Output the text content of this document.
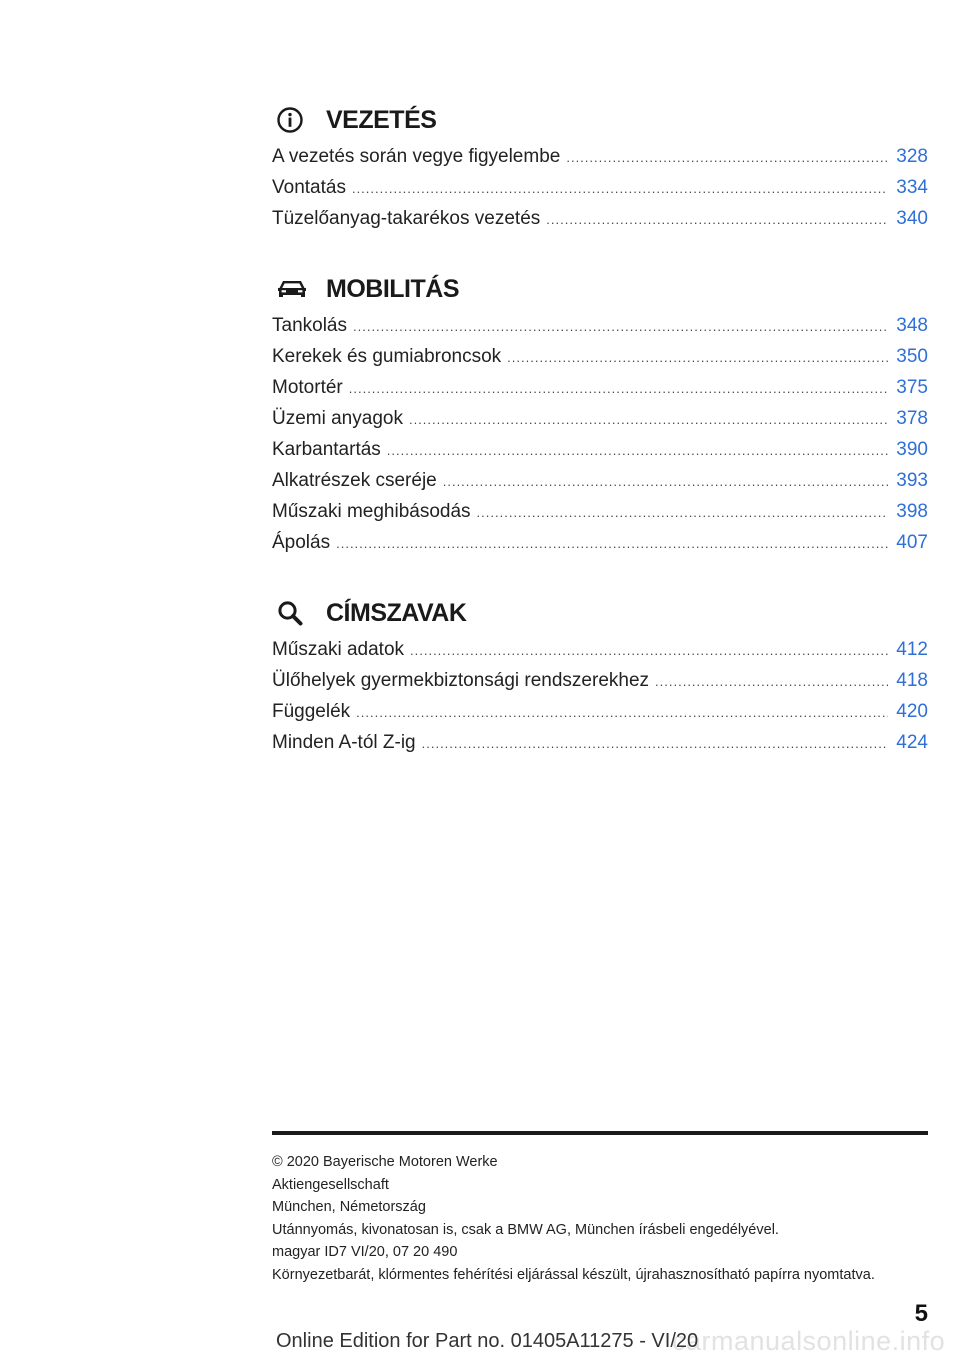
VEZETÉS
A vezetés során vegye figyelembe .....	328
Vontatás .....	334
Tüzelőanyag-takarékos vezetés .....	340
MOBILITÁS
Tankolás .....	348
Kerekek és gumiabroncsok .....	350
Motortér .....	375
Üzemi anyagok .....	378
Karbantartás .....	390
Alkatrészek cseréje .....	393
Műszaki meghibásodás .....	398
Ápolás .....	407
CÍMSZAVAK
Műszaki adatok .....	412
Ülőhelyek gyermekbiztonsági rendszerekhez .....	418
Függelék .....	420
Minden A-tól Z-ig .....	424
© 2020 Bayerische Motoren Werke
Aktiengesellschaft
München, Németország
Utánnyomás, kivonatosan is, csak a BMW AG, München írásbeli engedélyével.
magyar ID7 VI/20, 07 20 490
Környezetbarát, klórmentes fehérítési eljárással készült, újrahasznosítható papírra nyomtatva.
5
carmanualsonline.info
Online Edition for Part no. 01405A11275 - VI/20
